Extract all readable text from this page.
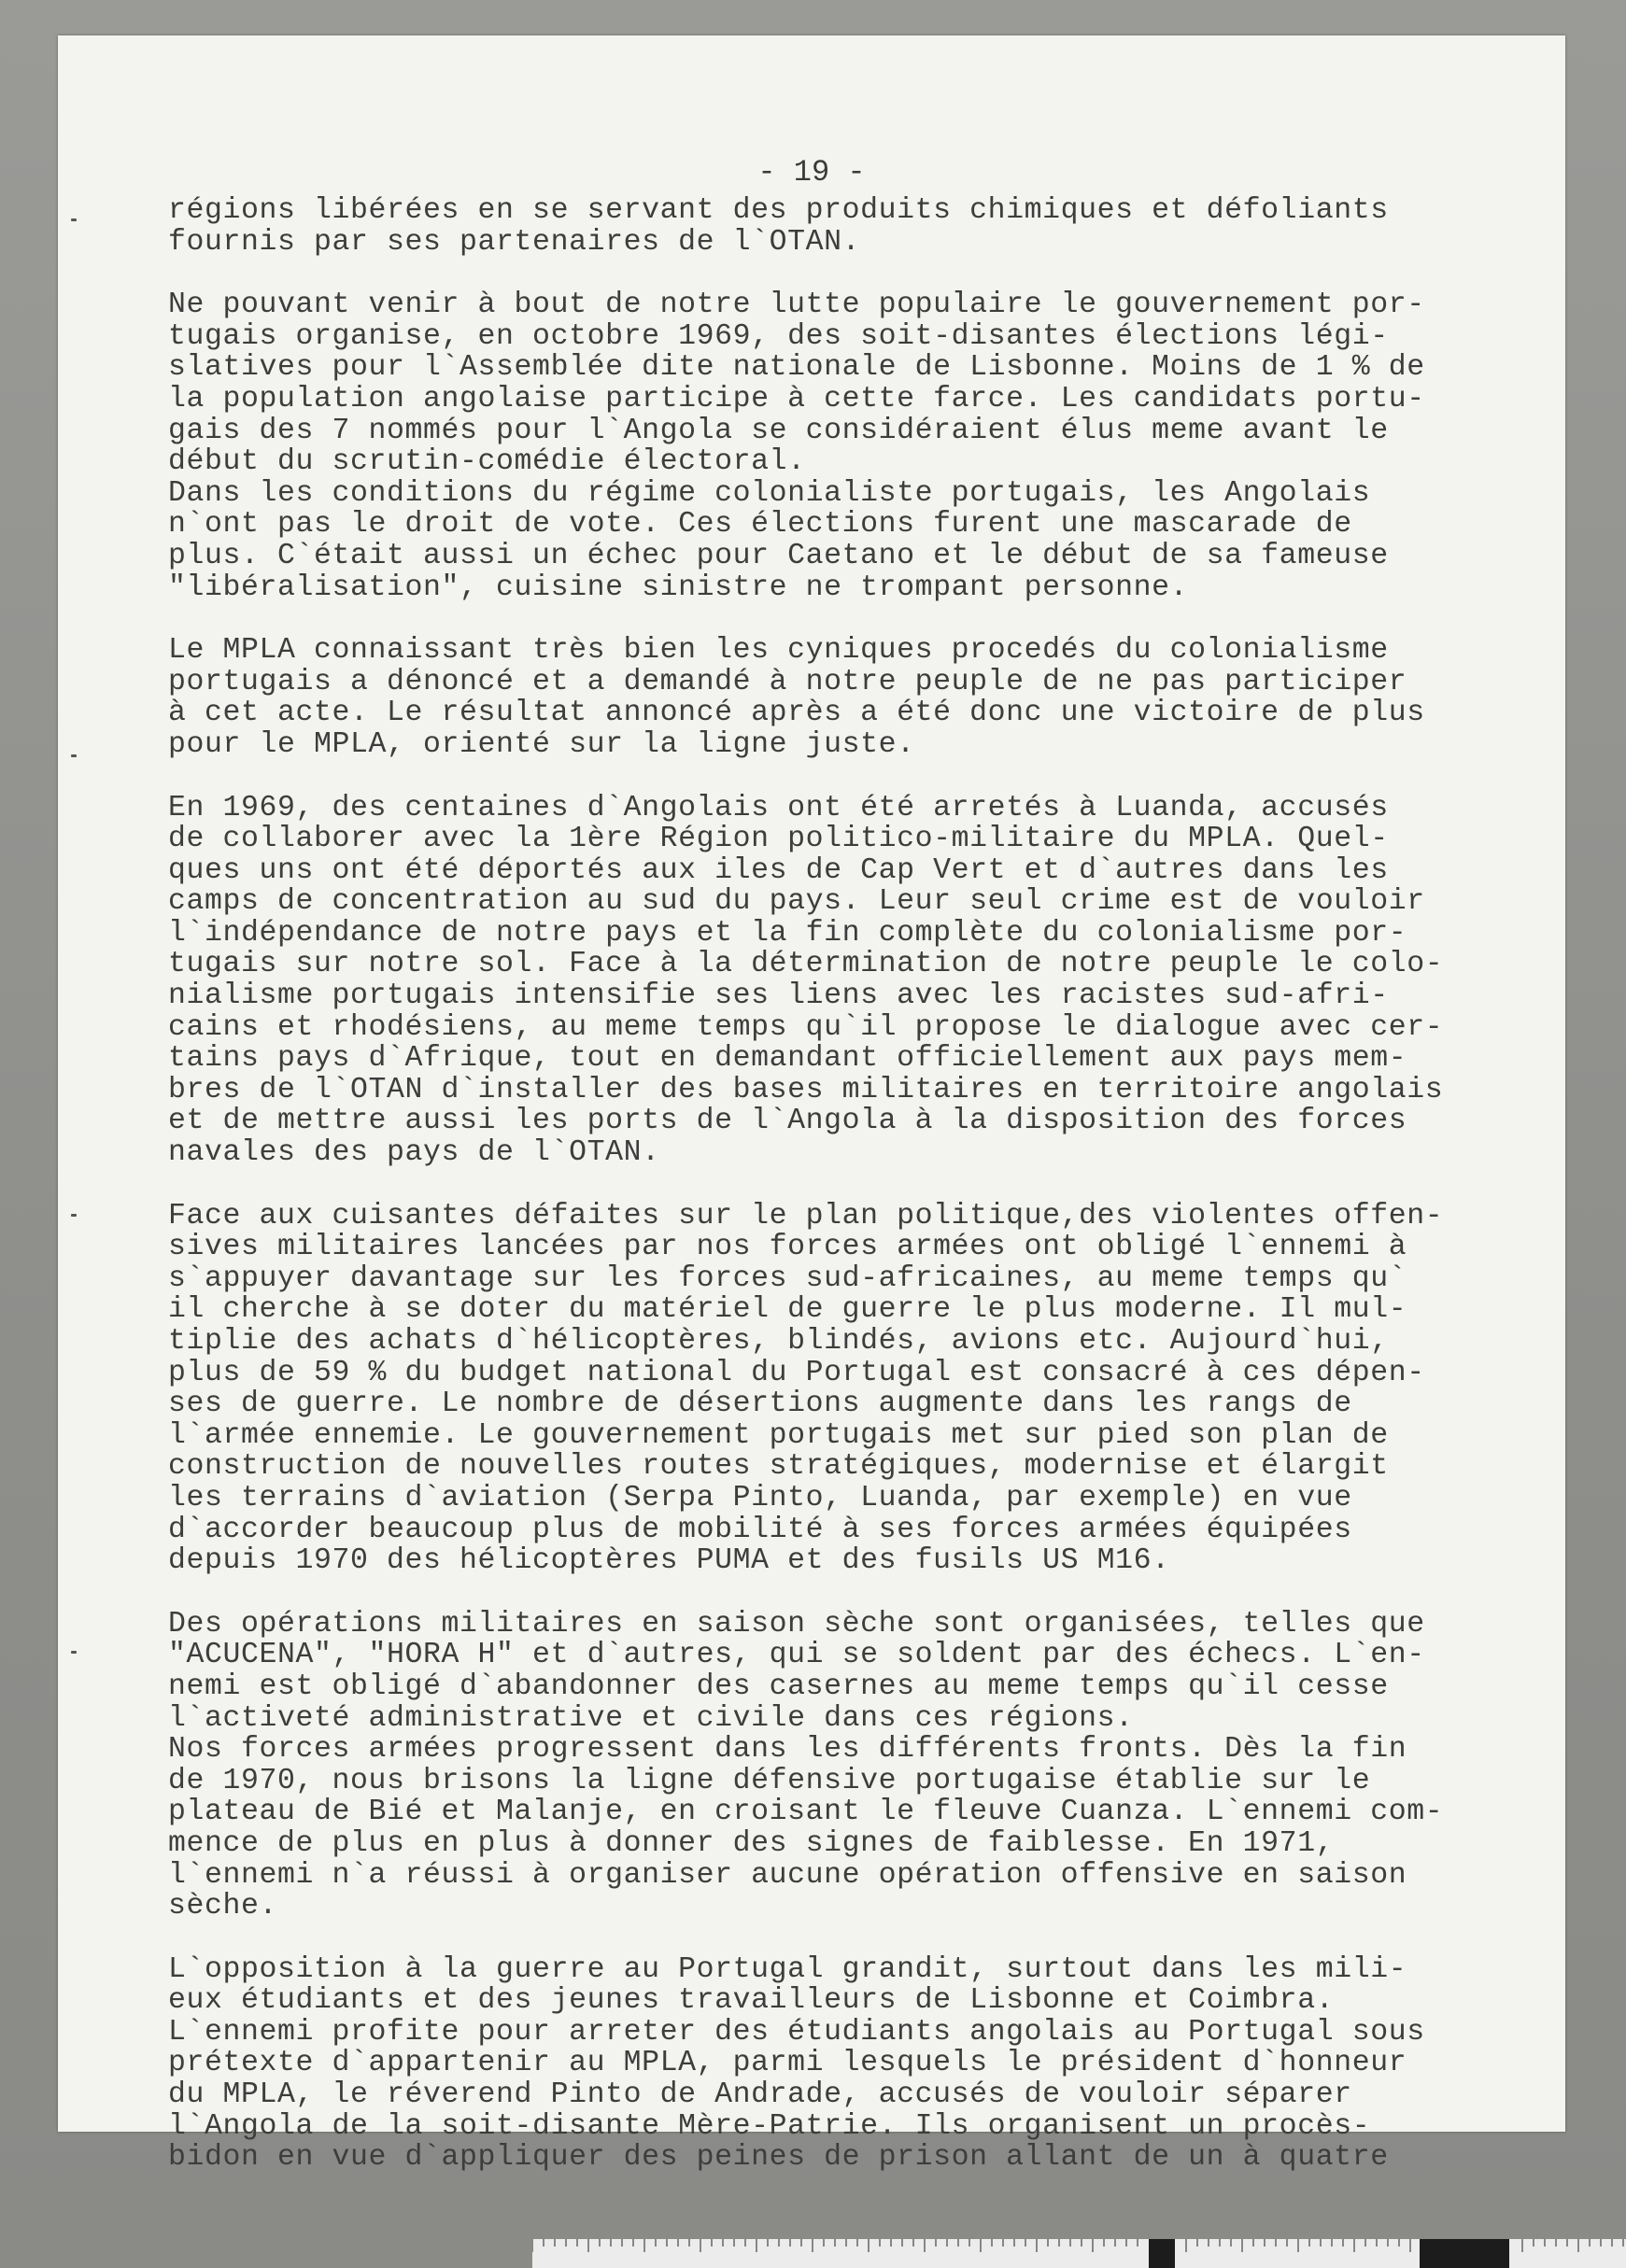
- 19 -
régions libérées en se servant des produits chimiques et défoliants
fournis par ses partenaires de l`OTAN.
Ne pouvant venir à bout de notre lutte populaire le gouvernement por-
tugais organise, en octobre 1969, des soit-disantes élections légi-
slatives pour l`Assemblée dite nationale de Lisbonne. Moins de 1 % de
la population angolaise participe à cette farce. Les candidats portu-
gais des 7 nommés pour l`Angola se considéraient élus meme avant le
début du scrutin-comédie électoral.
Dans les conditions du régime colonialiste portugais, les Angolais
n`ont pas le droit de vote. Ces élections furent une mascarade de
plus. C`était aussi un échec pour Caetano et le début de sa fameuse
"libéralisation", cuisine sinistre ne trompant personne.
Le MPLA connaissant très bien les cyniques procedés du colonialisme
portugais a dénoncé et a demandé à notre peuple de ne pas participer
à cet acte. Le résultat annoncé après a été donc une victoire de plus
pour le MPLA, orienté sur la ligne juste.
En 1969, des centaines d`Angolais ont été arretés à Luanda, accusés
de collaborer avec la 1ère Région politico-militaire du MPLA. Quel-
ques uns ont été déportés aux iles de Cap Vert et d`autres dans les
camps de concentration au sud du pays. Leur seul crime est de vouloir
l`indépendance de notre pays et la fin complète du colonialisme por-
tugais sur notre sol. Face à la détermination de notre peuple le colo-
nialisme portugais intensifie ses liens avec les racistes sud-afri-
cains et rhodésiens, au meme temps qu`il propose le dialogue avec cer-
tains pays d`Afrique, tout en demandant officiellement aux pays mem-
bres de l`OTAN d`installer des bases militaires en territoire angolais
et de mettre aussi les ports de l`Angola à la disposition des forces
navales des pays de l`OTAN.
Face aux cuisantes défaites sur le plan politique,des violentes offen-
sives militaires lancées par nos forces armées ont obligé l`ennemi à
s`appuyer davantage sur les forces sud-africaines, au meme temps qu`
il cherche à se doter du matériel de guerre le plus moderne. Il mul-
tiplie des achats d`hélicoptères, blindés, avions etc. Aujourd`hui,
plus de 59 % du budget national du Portugal est consacré à ces dépen-
ses de guerre. Le nombre de désertions augmente dans les rangs de
l`armée ennemie. Le gouvernement portugais met sur pied son plan de
construction de nouvelles routes stratégiques, modernise et élargit
les terrains d`aviation (Serpa Pinto, Luanda, par exemple) en vue
d`accorder beaucoup plus de mobilité à ses forces armées équipées
depuis 1970 des hélicoptères PUMA et des fusils US M16.
Des opérations militaires en saison sèche sont organisées, telles que
"ACUCENA", "HORA H" et d`autres, qui se soldent par des échecs. L`en-
nemi est obligé d`abandonner des casernes au meme temps qu`il cesse
l`activeté administrative et civile dans ces régions.
Nos forces armées progressent dans les différents fronts. Dès la fin
de 1970, nous brisons la ligne défensive portugaise établie sur le
plateau de Bié et Malanje, en croisant le fleuve Cuanza. L`ennemi com-
mence de plus en plus à donner des signes de faiblesse. En 1971,
l`ennemi n`a réussi à organiser aucune opération offensive en saison
sèche.
L`opposition à la guerre au Portugal grandit, surtout dans les mili-
eux étudiants et des jeunes travailleurs de Lisbonne et Coimbra.
L`ennemi profite pour arreter des étudiants angolais au Portugal sous
prétexte d`appartenir au MPLA, parmi lesquels le président d`honneur
du MPLA, le réverend Pinto de Andrade, accusés de vouloir séparer
l`Angola de la soit-disante Mère-Patrie. Ils organisent un procès-
bidon en vue d`appliquer des peines de prison allant de un à quatre
